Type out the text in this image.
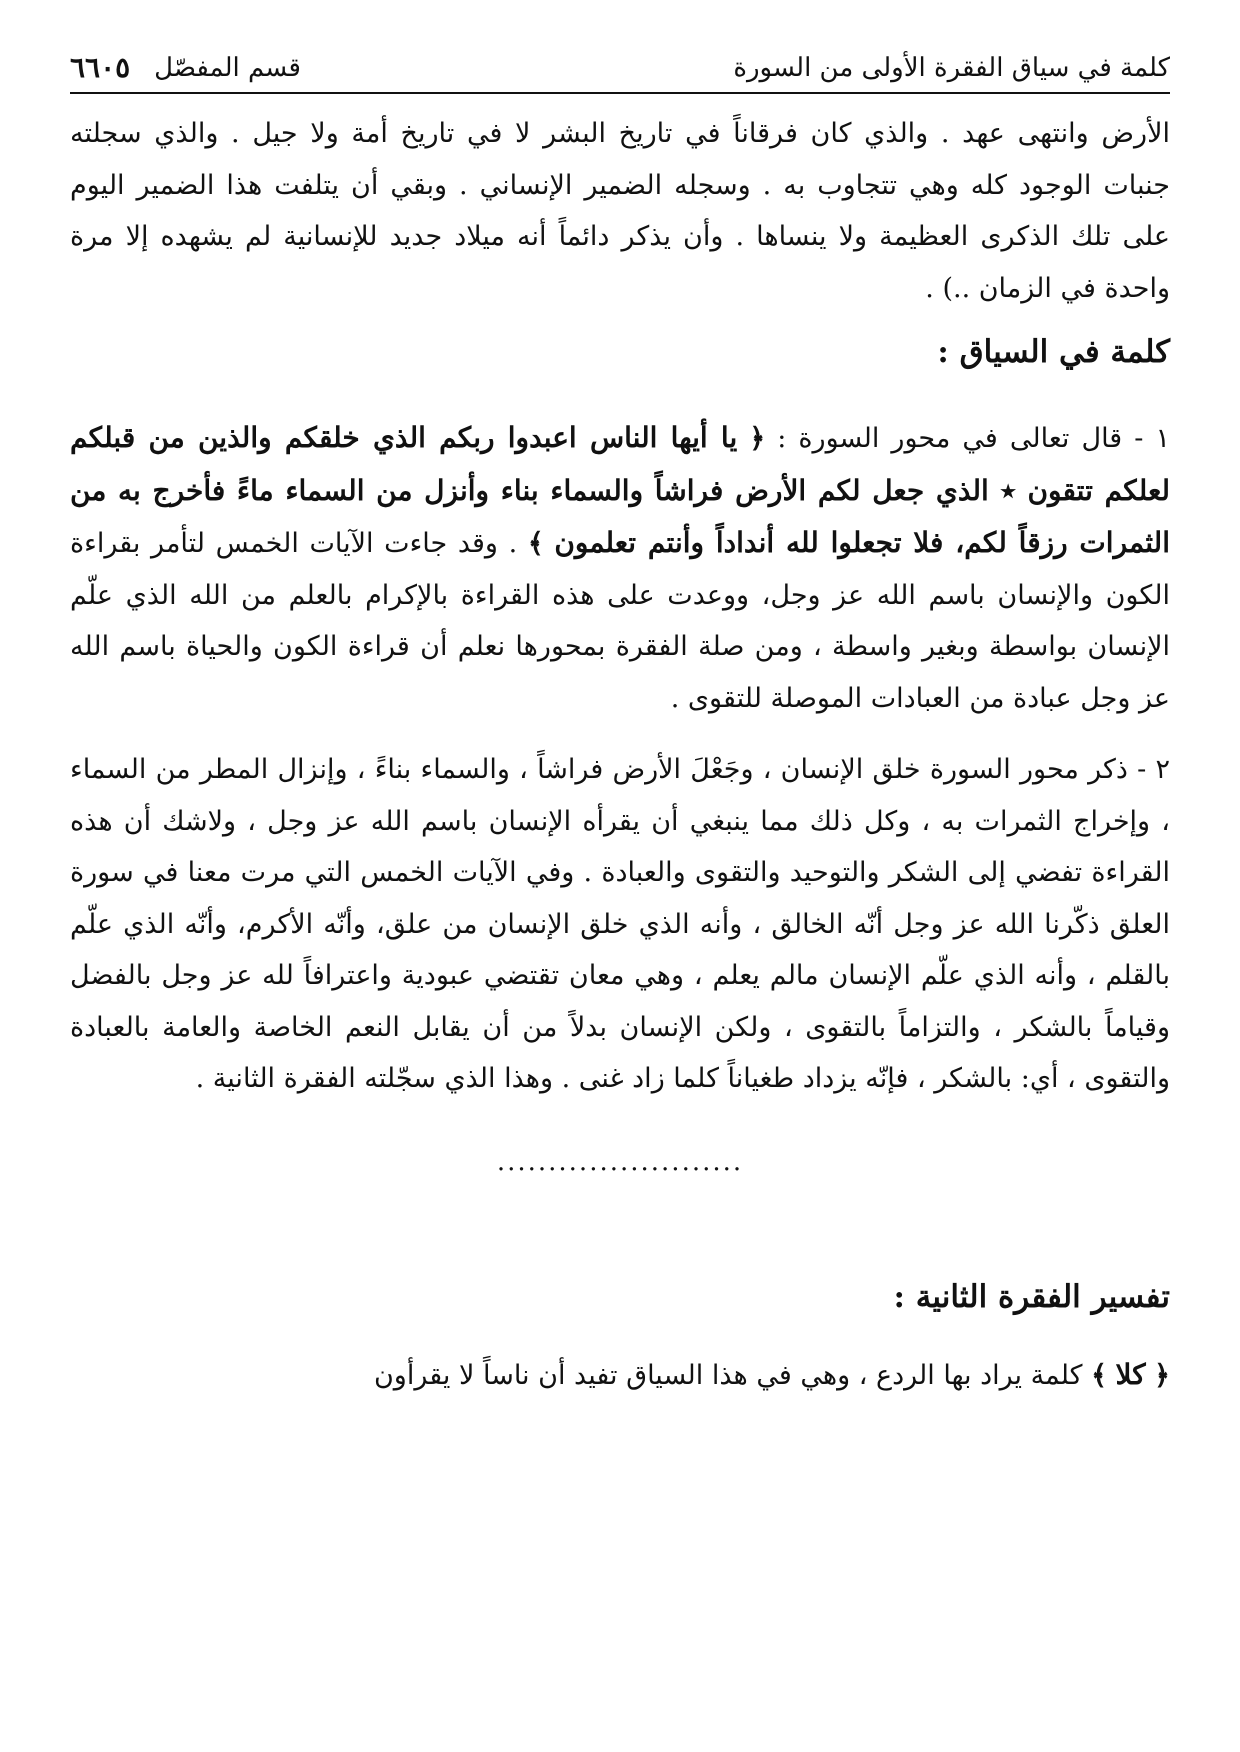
كلمة في سياق الفقرة الأولى من السورة
قسم المفصّل
٦٦٠٥

الأرض وانتهى عهد . والذي كان فرقاناً في تاريخ البشر لا في تاريخ أمة ولا جيل . والذي سجلته جنبات الوجود كله وهي تتجاوب به . وسجله الضمير الإنساني . وبقي أن يتلفت هذا الضمير اليوم على تلك الذكرى العظيمة ولا ينساها . وأن يذكر دائماً أنه ميلاد جديد للإنسانية لم يشهده إلا مرة واحدة في الزمان ..) .

كلمة في السياق :

١ - قال تعالى في محور السورة : ﴿ يا أيها الناس اعبدوا ربكم الذي خلقكم والذين من قبلكم لعلكم تتقون ٭ الذي جعل لكم الأرض فراشاً والسماء بناء وأنزل من السماء ماءً فأخرج به من الثمرات رزقاً لكم، فلا تجعلوا لله أنداداً وأنتم تعلمون ﴾ . وقد جاءت الآيات الخمس لتأمر بقراءة الكون والإنسان باسم الله عز وجل، ووعدت على هذه القراءة بالإكرام بالعلم من الله الذي علّم الإنسان بواسطة وبغير واسطة ، ومن صلة الفقرة بمحورها نعلم أن قراءة الكون والحياة باسم الله عز وجل عبادة من العبادات الموصلة للتقوى .

٢ - ذكر محور السورة خلق الإنسان ، وجَعْلَ الأرض فراشاً ، والسماء بناءً ، وإنزال المطر من السماء ، وإخراج الثمرات به ، وكل ذلك مما ينبغي أن يقرأه الإنسان باسم الله عز وجل ، ولاشك أن هذه القراءة تفضي إلى الشكر والتوحيد والتقوى والعبادة . وفي الآيات الخمس التي مرت معنا في سورة العلق ذكّرنا الله عز وجل أنّه الخالق ، وأنه الذي خلق الإنسان من علق، وأنّه الأكرم، وأنّه الذي علّم بالقلم ، وأنه الذي علّم الإنسان مالم يعلم ، وهي معان تقتضي عبودية واعترافاً لله عز وجل بالفضل وقياماً بالشكر ، والتزاماً بالتقوى ، ولكن الإنسان بدلاً من أن يقابل النعم الخاصة والعامة بالعبادة والتقوى ، أي: بالشكر ، فإنّه يزداد طغياناً كلما زاد غنى . وهذا الذي سجّلته الفقرة الثانية .

........................
تفسير الفقرة الثانية :

﴿ كلا ﴾ كلمة يراد بها الردع ، وهي في هذا السياق تفيد أن ناساً لا يقرأون
